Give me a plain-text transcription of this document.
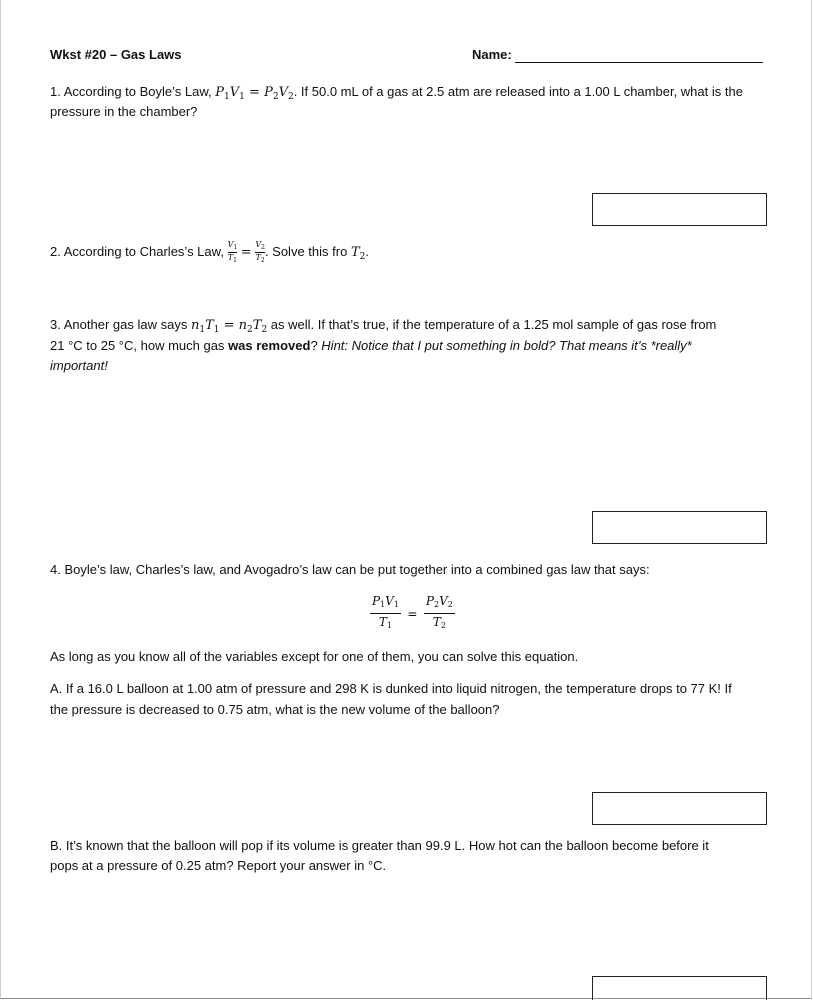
Wkst #20 – Gas Laws	Name:
1. According to Boyle’s Law, $P_1V_1 = P_2V_2$. If 50.0 mL of a gas at 2.5 atm are released into a 1.00 L chamber, what is the
pressure in the chamber?
2. According to Charles’s Law, $\frac{V_1}{T_1} = \frac{V_2}{T_2}$ . Solve this fro $T_2$.
3. Another gas law says $n_1T_1 = n_2T_2$ as well. If that’s true, if the temperature of a 1.25 mol sample of gas rose from
21 °C to 25 °C, how much gas was removed? Hint: Notice that I put something in bold? That means it’s *really*
important!
4. Boyle’s law, Charles’s law, and Avogadro’s law can be put together into a combined gas law that says:
$\frac{P_1V_1}{T_1} = \frac{P_2V_2}{T_2}$
As long as you know all of the variables except for one of them, you can solve this equation.
A. If a 16.0 L balloon at 1.00 atm of pressure and 298 K is dunked into liquid nitrogen, the temperature drops to 77 K! If
the pressure is decreased to 0.75 atm, what is the new volume of the balloon?
B. It’s known that the balloon will pop if its volume is greater than 99.9 L. How hot can the balloon become before it
pops at a pressure of 0.25 atm? Report your answer in °C.
